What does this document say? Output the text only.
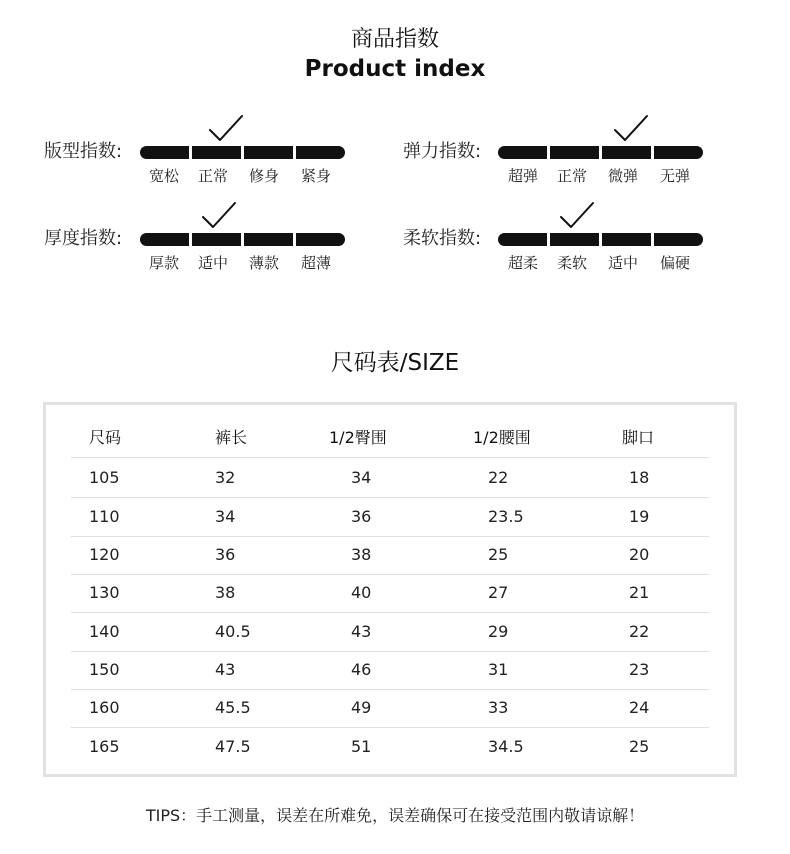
商品指数
Product index
版型指数:
宽松	正常	修身	紧身
弹力指数:
超弹	正常	微弹	无弹
厚度指数:
厚款	适中	薄款	超薄
柔软指数:
超柔	柔软	适中	偏硬
尺码表/SIZE
尺码	裤长	1/2臀围	1/2腰围	脚口
105	32	34	22	18
110	34	36	23.5	19
120	36	38	25	20
130	38	40	27	21
140	40.5	43	29	22
150	43	46	31	23
160	45.5	49	33	24
165	47.5	51	34.5	25
TIPS：手工测量，误差在所难免，误差确保可在接受范围内敬请谅解！
